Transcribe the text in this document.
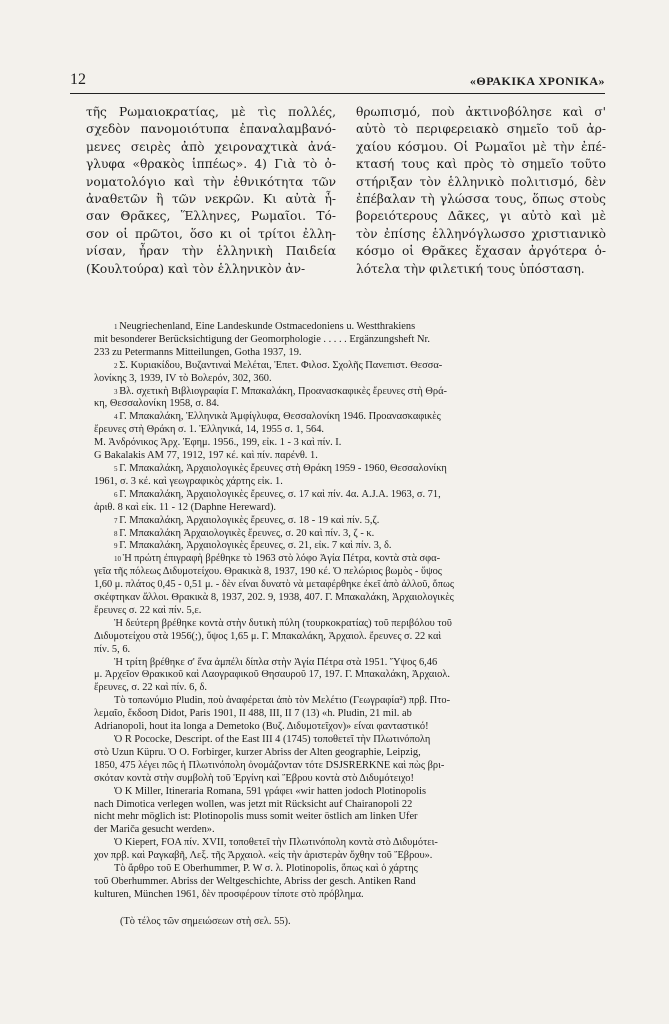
12	«ΘΡΑΚΙΚΑ ΧΡΟΝΙΚΑ»
τῆς Ρωμαιοκρατίας, μὲ τὶς πολλές,
σχεδὸν πανομοιότυπα ἐπαναλαμβανό-
μενες σειρὲς ἀπὸ χειροναχτικὰ ἀνά-
γλυφα «θρακὸς ἱππέως». 4) Γιὰ τὸ ὀ-
νοματολόγιο καὶ τὴν ἐθνικότητα τῶν
ἀναθετῶν ἢ τῶν νεκρῶν. Κι αὐτὰ ἦ-
σαν Θρᾶκες, Ἕλληνες, Ρωμαῖοι. Τό-
σον οἱ πρῶτοι, ὅσο κι οἱ τρίτοι ἐλλη-
νίσαν, ἦραν τὴν ἑλληνικὴ Παιδεία
(Κουλτούρα) καὶ τὸν ἑλληνικὸν ἀν-
θρωπισμό, ποὺ ἀκτινοβόλησε καὶ σ'
αὐτὸ τὸ περιφερειακὸ σημεῖο τοῦ ἀρ-
χαίου κόσμου. Οἱ Ρωμαῖοι μὲ τὴν ἐπέ-
κτασή τους καὶ πρὸς τὸ σημεῖο τοῦτο
στήριξαν τὸν ἑλληνικὸ πολιτισμό, δὲν
ἐπέβαλαν τὴ γλώσσα τους, ὅπως στοὺς
βορειότερους Δᾶκες, γι αὐτὸ καὶ μὲ
τὸν ἐπίσης ἑλληνόγλωσσο χριστιανικὸ
κόσμο οἱ Θρᾶκες ἔχασαν ἀργότερα ὁ-
λότελα τὴν φιλετική τους ὑπόσταση.
$^1$ Neugriechenland, Eine Landeskunde Ostmacedoniens u. Westthrakiens
mit besonderer Berücksichtigung der Geomorphologie . . . . . Ergänzungsheft Nr.
233 zu Petermanns Mitteilungen, Gotha 1937, 19.
$^2$ Σ. Κυριακίδου, Βυζαντιναὶ Μελέται, Ἐπετ. Φιλοσ. Σχολῆς Πανεπιστ. Θεσσα-
λονίκης 3, 1939, IV τὸ Βολερόν, 302, 360.
$^3$ Βλ. σχετικὴ Βιβλιογραφία Γ. Μπακαλάκη, Προανασκαφικὲς ἔρευνες στὴ Θρά-
κη, Θεσσαλονίκη 1958, σ. 84.
$^4$ Γ. Μπακαλάκη, Ἑλληνικὰ Ἀμφίγλυφα, Θεσσαλονίκη 1946. Προανασκαφικὲς
ἔρευνες στὴ Θράκη σ. 1. Ἑλληνικά, 14, 1955 σ. 1, 564.
Μ. Ἀνδρόνικος Ἀρχ. Ἐφημ. 1956., 199, εἰκ. 1 - 3 καὶ πίν. I.
G Bakalakis AM 77, 1912, 197 κέ. καὶ πίν. παρένθ. 1.
$^5$ Γ. Μπακαλάκη, Ἀρχαιολογικὲς ἔρευνες στὴ Θράκη 1959 - 1960, Θεσσαλονίκη
1961, σ. 3 κέ. καὶ γεωγραφικὸς χάρτης εἰκ. 1.
$^6$ Γ. Μπακαλάκη, Ἀρχαιολογικὲς ἔρευνες, σ. 17 καὶ πίν. 4α. A.J.A. 1963, σ. 71,
ἀριθ. 8 καὶ εἰκ. 11 - 12 (Daphne Hereward).
$^7$ Γ. Μπακαλάκη, Ἀρχαιολογικὲς ἔρευνες, σ. 18 - 19 καὶ πίν. 5,ζ.
$^8$ Γ. Μπακαλάκη Ἀρχαιολογικὲς ἔρευνες, σ. 20 καὶ πίν. 3, ζ - κ.
$^9$ Γ. Μπακαλάκη, Ἀρχαιολογικὲς ἔρευνες, σ. 21, εἰκ. 7 καὶ πίν. 3, δ.
$^{10}$ Ἡ πρώτη ἐπιγραφὴ βρέθηκε τὸ 1963 στὸ λόφο Ἁγία Πέτρα, κοντὰ στὰ σφα-
γεῖα τῆς πόλεως Διδυμοτείχου. Θρακικὰ 8, 1937, 190 κέ. Ὁ πελώριος βωμὸς - ὕψος
1,60 μ. πλάτος 0,45 - 0,51 μ. - δὲν εἶναι δυνατὸ νὰ μεταφέρθηκε ἐκεῖ ἀπὸ ἀλλοῦ, ὅπως
σκέφτηκαν ἄλλοι. Θρακικὰ 8, 1937, 202. 9, 1938, 407. Γ. Μπακαλάκη, Ἀρχαιολογικὲς
ἔρευνες σ. 22 καὶ πίν. 5,ε.
Ἡ δεύτερη βρέθηκε κοντὰ στὴν δυτικὴ πύλη (τουρκοκρατίας) τοῦ περιβόλου τοῦ
Διδυμοτείχου στὰ 1956(;), ὕψος 1,65 μ. Γ. Μπακαλάκη, Ἀρχαιολ. ἔρευνες σ. 22 καὶ
πίν. 5, 6.
Ἡ τρίτη βρέθηκε σ' ἕνα ἀμπέλι δίπλα στὴν Ἁγία Πέτρα στὰ 1951. Ὕψος 6,46
μ. Ἀρχεῖον Θρακικοῦ καὶ Λαογραφικοῦ Θησαυροῦ 17, 197. Γ. Μπακαλάκη, Ἀρχαιολ.
ἔρευνες, σ. 22 καὶ πίν. 6, δ.
Τὸ τοπωνύμιο Pludin, ποὺ ἀναφέρεται ἀπὸ τὸν Μελέτιο (Γεωγραφία²) πρβ. Πτο-
λεμαῖο, ἔκδοση Didot, Paris 1901, II 488, III, II 7 (13) «h. Pludin, 21 mil. ab
Adrianopoli, hout ita longa a Demetoko (Βυζ. Διδυμοτεῖχον)» εἶναι φανταστικό!
Ὁ R Pococke, Descript. of the East III 4 (1745) τοποθετεῖ τὴν Πλωτινόπολη
στὸ Uzun Küpru. Ὁ O. Forbirger, kurzer Abriss der Alten geographie, Leipzig,
1850, 475 λέγει πῶς ἡ Πλωτινόπολη ὀνομάζονταν τότε DSJSRERKNE καὶ πὼς βρι-
σκόταν κοντὰ στὴν συμβολὴ τοῦ Ἐργίνη καὶ Ἕβρου κοντὰ στὸ Διδυμότειχο!
Ὁ K Miller, Itineraria Romana, 591 γράφει «wir hatten jodoch Plotinopolis
nach Dimotica verlegen wollen, was jetzt mit Rücksicht auf Chairanopoli 22
nicht mehr möglich ist: Plotinopolis muss somit weiter östlich am linken Ufer
der Mariča gesucht werden».
Ὁ Kiepert, FOA πίν. XVII, τοποθετεῖ τὴν Πλωτινόπολη κοντὰ στὸ Διδυμότει-
χον πρβ. καὶ Ραγκαβῆ, Λεξ. τῆς Ἀρχαιολ. «εἰς τὴν ἀριστερὰν ὄχθην τοῦ Ἕβρου».
Τὸ ἄρθρο τοῦ E Oberhummer, P. W σ. λ. Plotinopolis, ὅπως καὶ ὁ χάρτης
τοῦ Oberhummer. Abriss der Weltgeschichte, Abriss der gesch. Antiken Rand
kulturen, München 1961, δὲν προσφέρουν τίποτε στὸ πρόβλημα.
(Τὸ τέλος τῶν σημειώσεων στὴ σελ. 55).
